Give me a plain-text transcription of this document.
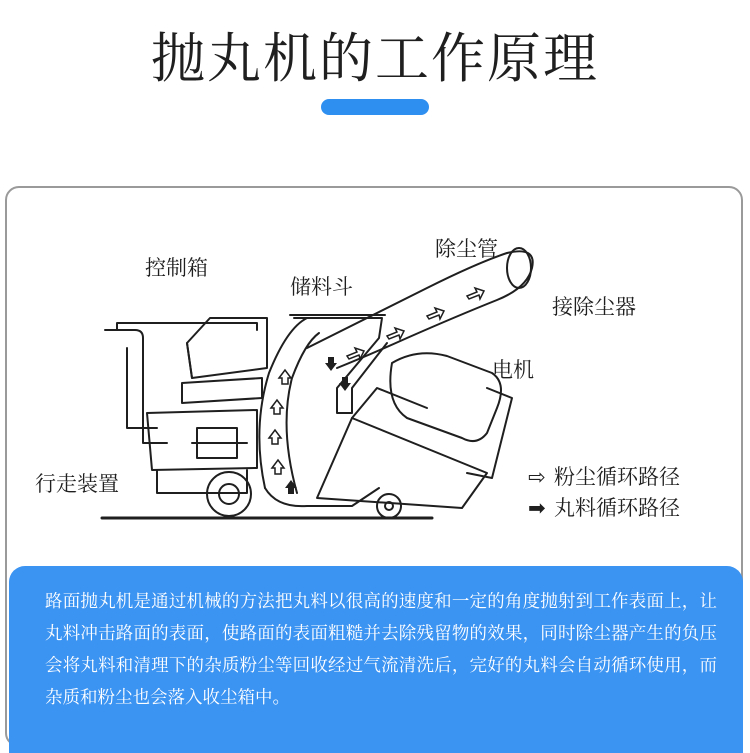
抛丸机的工作原理
控制箱
储料斗
除尘管
接除尘器
电机
行走装置	⇨ 粉尘循环路径
➡ 丸料循环路径
路面抛丸机是通过机械的方法把丸料以很高的速度和一定的角度抛射到工作表面上，让丸料冲击路面的表面，使路面的表面粗糙并去除残留物的效果，同时除尘器产生的负压会将丸料和清理下的杂质粉尘等回收经过气流清洗后，完好的丸料会自动循环使用，而杂质和粉尘也会落入收尘箱中。
